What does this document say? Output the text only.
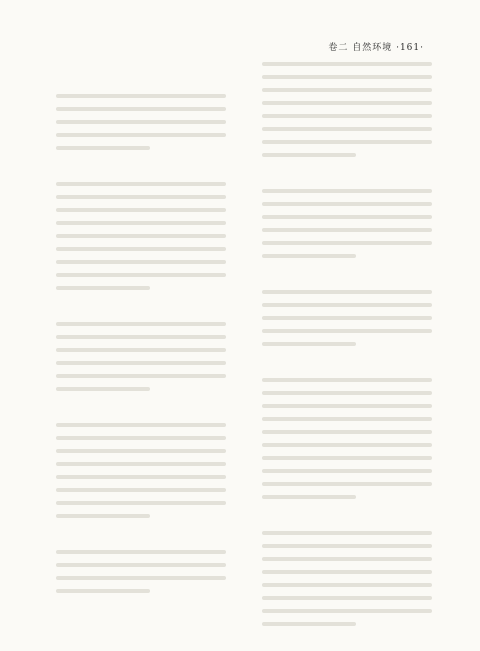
卷二 自然环境 ·161·
